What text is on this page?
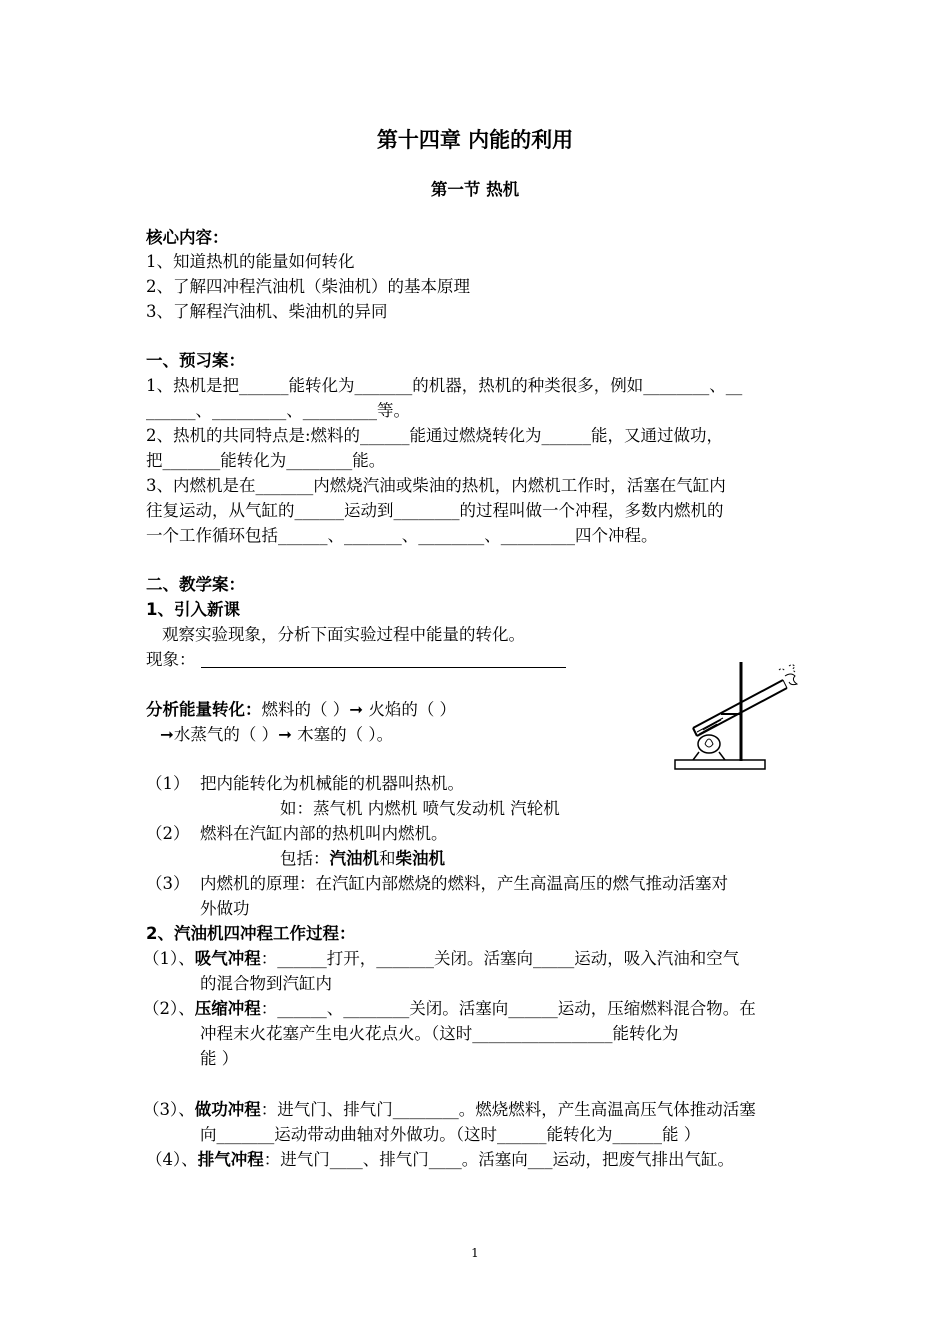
第十四章 内能的利用
第一节 热机
核心内容：
1、知道热机的能量如何转化
2、了解四冲程汽油机（柴油机）的基本原理
3、了解程汽油机、柴油机的异同
一、预习案：
1、热机是把______能转化为_______的机器，热机的种类很多，例如________、__
______、_________、_________等。
2、热机的共同特点是:燃料的______能通过燃烧转化为______能，又通过做功，
把_______能转化为________能。
3、内燃机是在_______内燃烧汽油或柴油的热机，内燃机工作时，活塞在气缸内
往复运动，从气缸的______运动到________的过程叫做一个冲程，多数内燃机的
一个工作循环包括______、_______、________、_________四个冲程。
二、教学案：
1、引入新课
观察实验现象，分析下面实验过程中能量的转化。
现象：
分析能量转化：燃料的（ ）➞ 火焰的（ ）
➞水蒸气的（ ）➞ 木塞的（ ）。
（1） 把内能转化为机械能的机器叫热机。
如：蒸气机 内燃机 喷气发动机 汽轮机
（2） 燃料在汽缸内部的热机叫内燃机。
包括：汽油机和柴油机
（3） 内燃机的原理：在汽缸内部燃烧的燃料，产生高温高压的燃气推动活塞对
外做功
2、汽油机四冲程工作过程：
（1）、吸气冲程：______打开，_______关闭。活塞向_____运动，吸入汽油和空气
的混合物到汽缸内
（2）、压缩冲程：______、________关闭。活塞向______运动，压缩燃料混合物。在
冲程末火花塞产生电火花点火。（这时_________________能转化为
能 ）
（3）、做功冲程：进气门、排气门________。燃烧燃料，产生高温高压气体推动活塞
向_______运动带动曲轴对外做功。（这时______能转化为______能 ）
（4）、排气冲程：进气门____、排气门____。活塞向___运动，把废气排出气缸。
1
